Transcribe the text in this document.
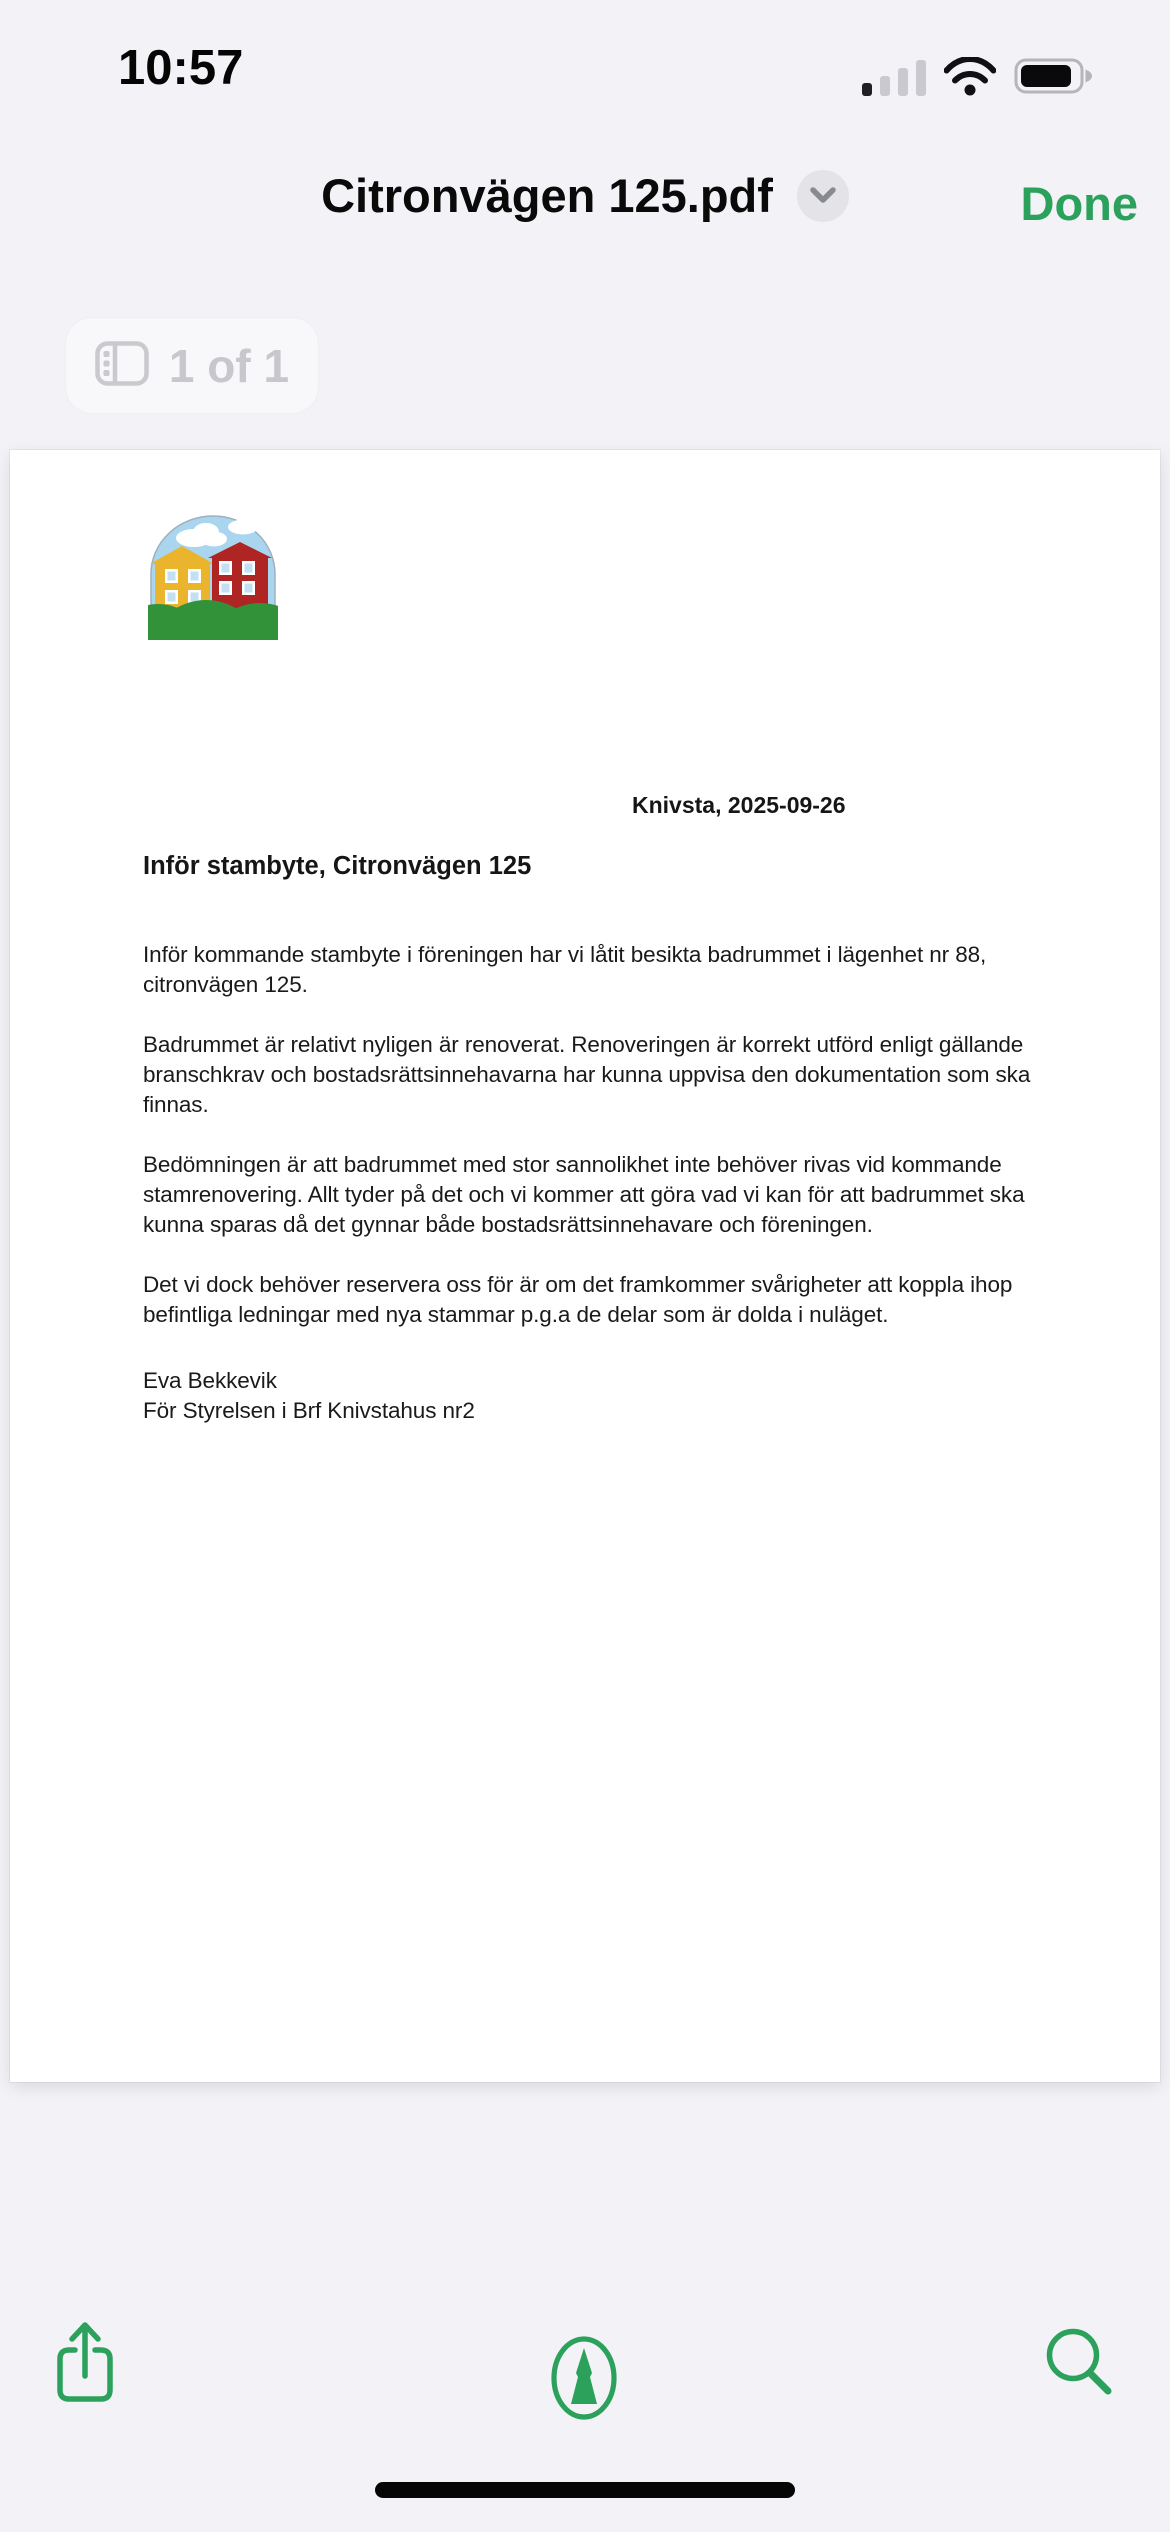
10:57
Citronvägen 125.pdf	Done
1 of 1
Knivsta, 2025-09-26
Inför stambyte, Citronvägen 125

Inför kommande stambyte i föreningen har vi låtit besikta badrummet i lägenhet nr 88,
citronvägen 125.

Badrummet är relativt nyligen är renoverat. Renoveringen är korrekt utförd enligt gällande
branschkrav och bostadsrättsinnehavarna har kunna uppvisa den dokumentation som ska
finnas.

Bedömningen är att badrummet med stor sannolikhet inte behöver rivas vid kommande
stamrenovering. Allt tyder på det och vi kommer att göra vad vi kan för att badrummet ska
kunna sparas då det gynnar både bostadsrättsinnehavare och föreningen.

Det vi dock behöver reservera oss för är om det framkommer svårigheter att koppla ihop
befintliga ledningar med nya stammar p.g.a de delar som är dolda i nuläget.

Eva Bekkevik
För Styrelsen i Brf Knivstahus nr2
